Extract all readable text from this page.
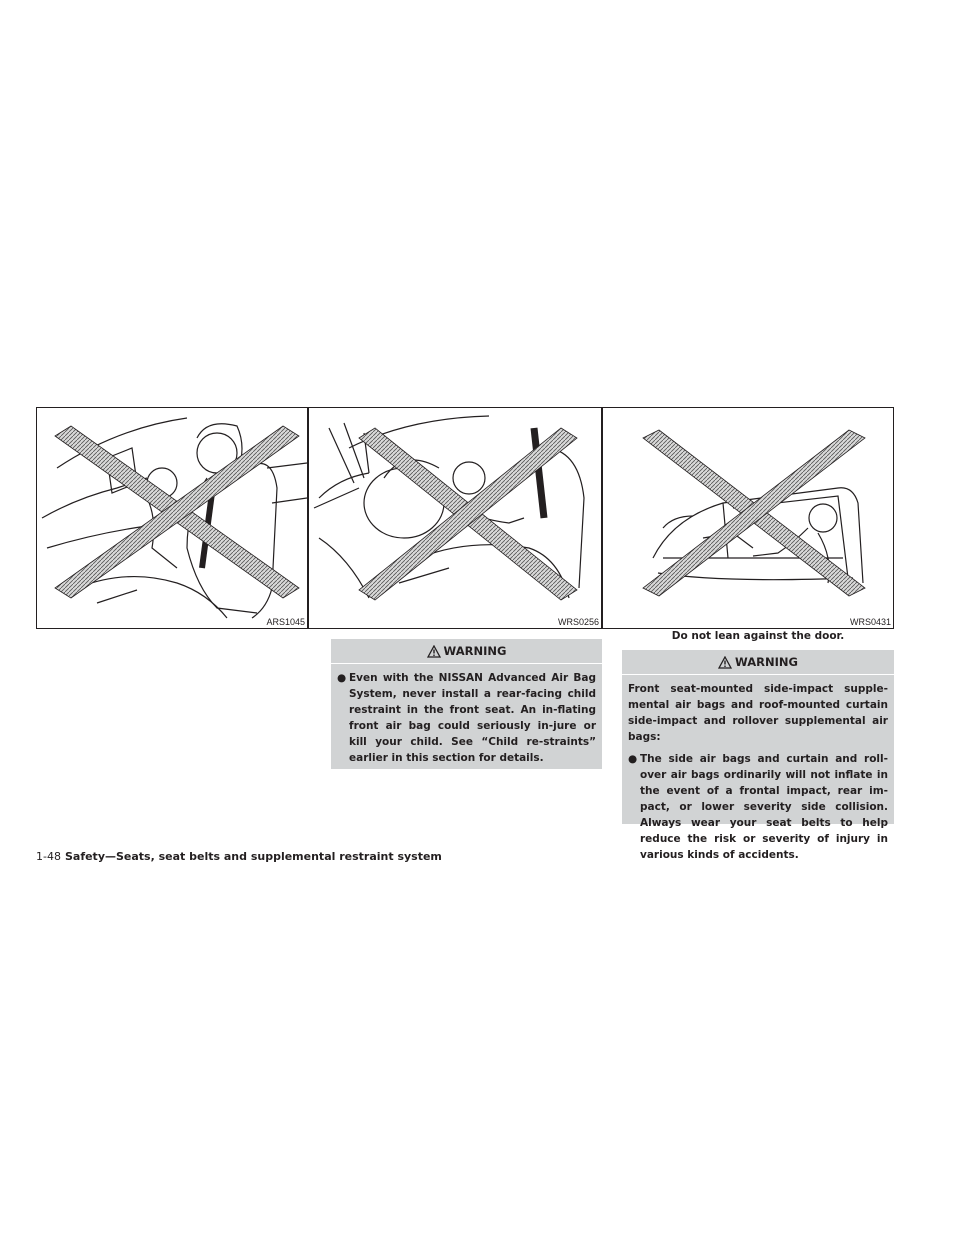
ARS1045	WRS0256	WRS0431
Do not lean against the door.
WARNING
● Even with the NISSAN Advanced Air Bag System, never install a rear-facing child restraint in the front seat. An in-flating front air bag could seriously in-jure or kill your child. See “Child re-straints” earlier in this section for details.
WARNING
Front seat-mounted side-impact supple-mental air bags and roof-mounted curtain side-impact and rollover supplemental air bags:
● The side air bags and curtain and roll-over air bags ordinarily will not inflate in the event of a frontal impact, rear im-pact, or lower severity side collision. Always wear your seat belts to help reduce the risk or severity of injury in various kinds of accidents.
1-48 Safety—Seats, seat belts and supplemental restraint system
